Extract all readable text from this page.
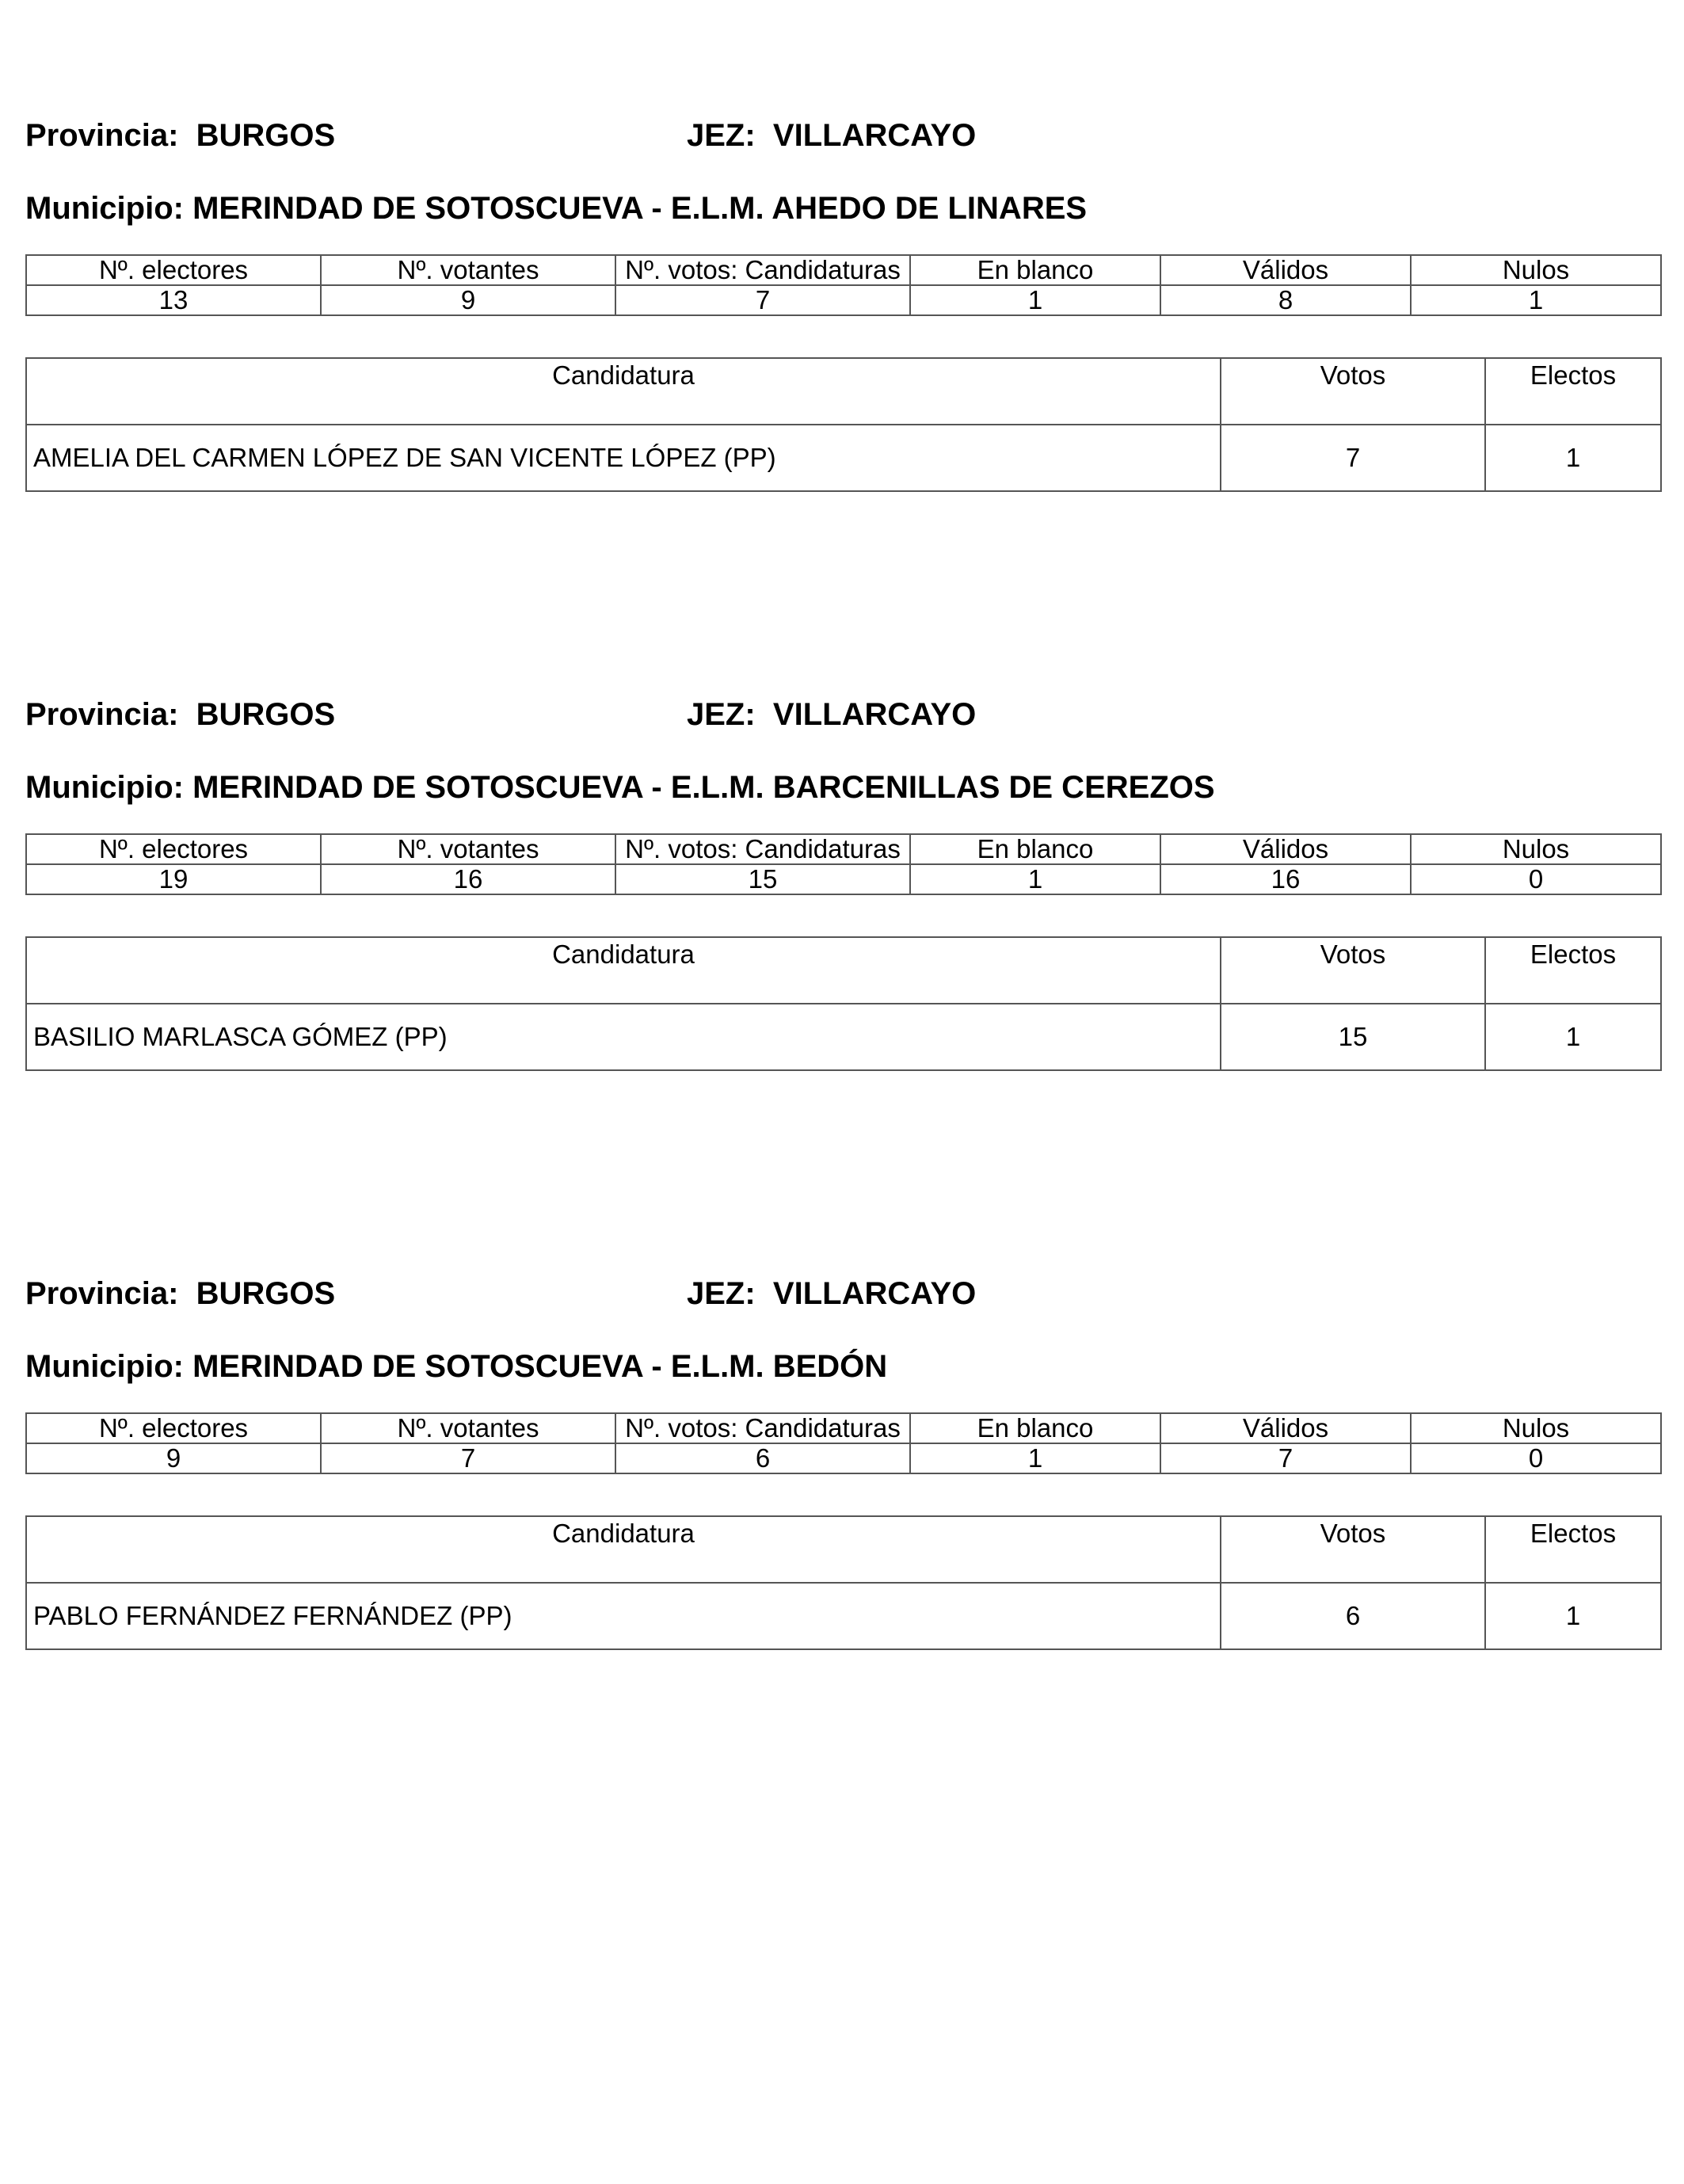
Provincia: BURGOS	JEZ: VILLARCAYO
Municipio: MERINDAD DE SOTOSCUEVA - E.L.M. AHEDO DE LINARES
Nº. electores	Nº. votantes	Nº. votos: Candidaturas	En blanco	Válidos	Nulos
13	9	7	1	8	1
Candidatura	Votos	Electos
AMELIA DEL CARMEN LÓPEZ DE SAN VICENTE LÓPEZ (PP)	7	1
Provincia: BURGOS	JEZ: VILLARCAYO
Municipio: MERINDAD DE SOTOSCUEVA - E.L.M. BARCENILLAS DE CEREZOS
Nº. electores	Nº. votantes	Nº. votos: Candidaturas	En blanco	Válidos	Nulos
19	16	15	1	16	0
Candidatura	Votos	Electos
BASILIO MARLASCA GÓMEZ (PP)	15	1
Provincia: BURGOS	JEZ: VILLARCAYO
Municipio: MERINDAD DE SOTOSCUEVA - E.L.M. BEDÓN
Nº. electores	Nº. votantes	Nº. votos: Candidaturas	En blanco	Válidos	Nulos
9	7	6	1	7	0
Candidatura	Votos	Electos
PABLO FERNÁNDEZ FERNÁNDEZ (PP)	6	1
